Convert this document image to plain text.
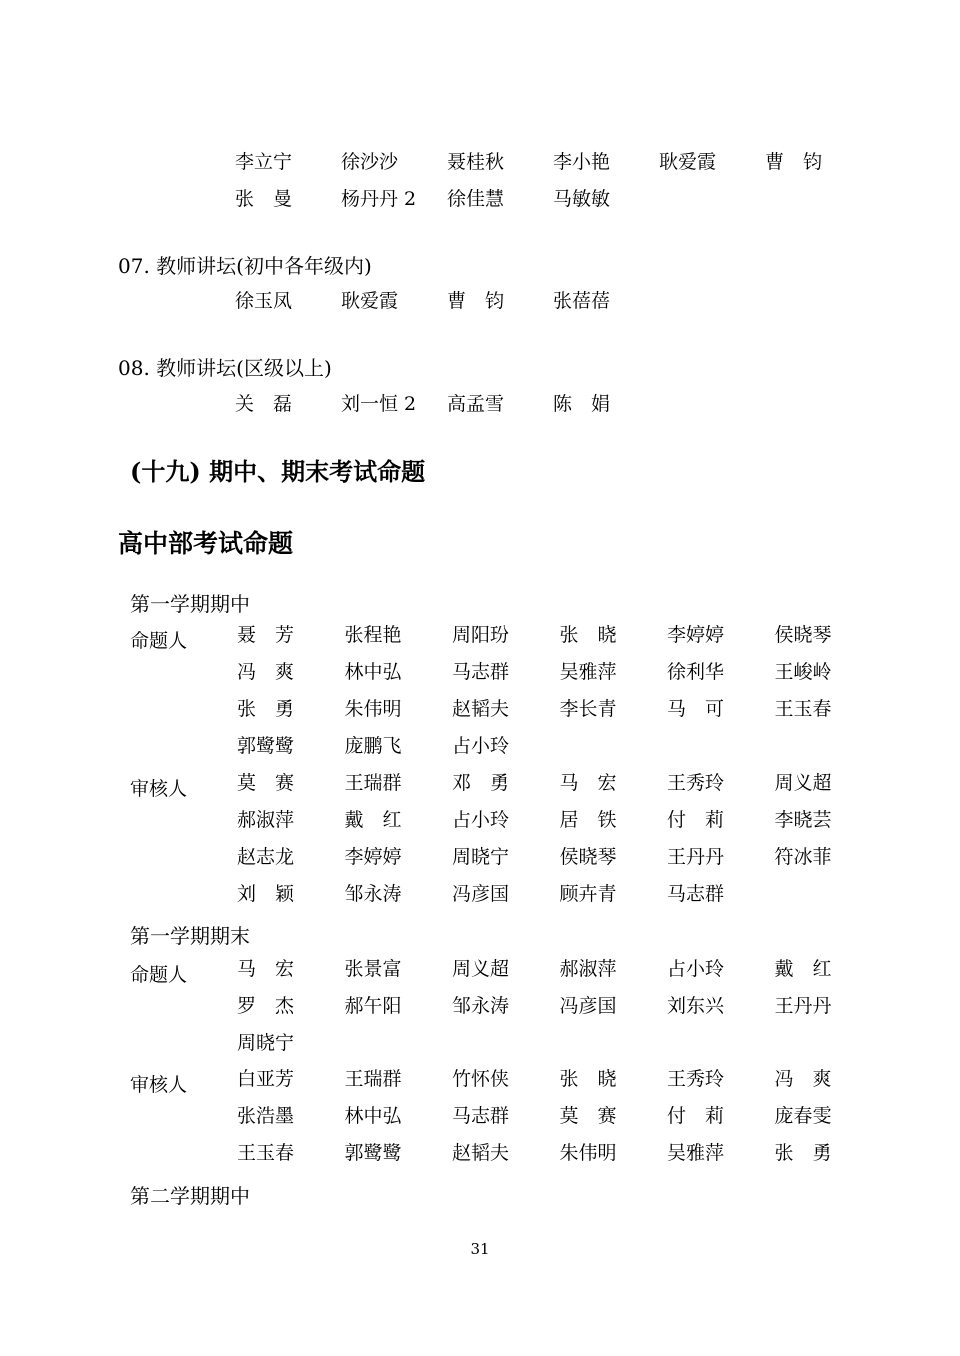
李立宁	徐沙沙	聂桂秋	李小艳	耿爱霞	曹　钧
张　曼	杨丹丹 2	徐佳慧	马敏敏
07. 教师讲坛(初中各年级内)
徐玉凤	耿爱霞	曹　钧	张蓓蓓
08. 教师讲坛(区级以上)
关　磊	刘一恒 2	高孟雪	陈　娟
(十九) 期中、期末考试命题
高中部考试命题
第一学期期中
命题人	聂　芳	张程艳	周阳玢	张　晓	李婷婷	侯晓琴
冯　爽	林中弘	马志群	吴雅萍	徐利华	王峻岭
张　勇	朱伟明	赵韬夫	李长青	马　可	王玉春
郭鹭鹭	庞鹏飞	占小玲
审核人	莫　赛	王瑞群	邓　勇	马　宏	王秀玲	周义超
郝淑萍	戴　红	占小玲	居　铁	付　莉	李晓芸
赵志龙	李婷婷	周晓宁	侯晓琴	王丹丹	符冰菲
刘　颖	邹永涛	冯彦国	顾卉青	马志群
第一学期期末
命题人	马　宏	张景富	周义超	郝淑萍	占小玲	戴　红
罗　杰	郝午阳	邹永涛	冯彦国	刘东兴	王丹丹
周晓宁
审核人	白亚芳	王瑞群	竹怀侠	张　晓	王秀玲	冯　爽
张浩墨	林中弘	马志群	莫　赛	付　莉	庞春雯
王玉春	郭鹭鹭	赵韬夫	朱伟明	吴雅萍	张　勇
第二学期期中
31
